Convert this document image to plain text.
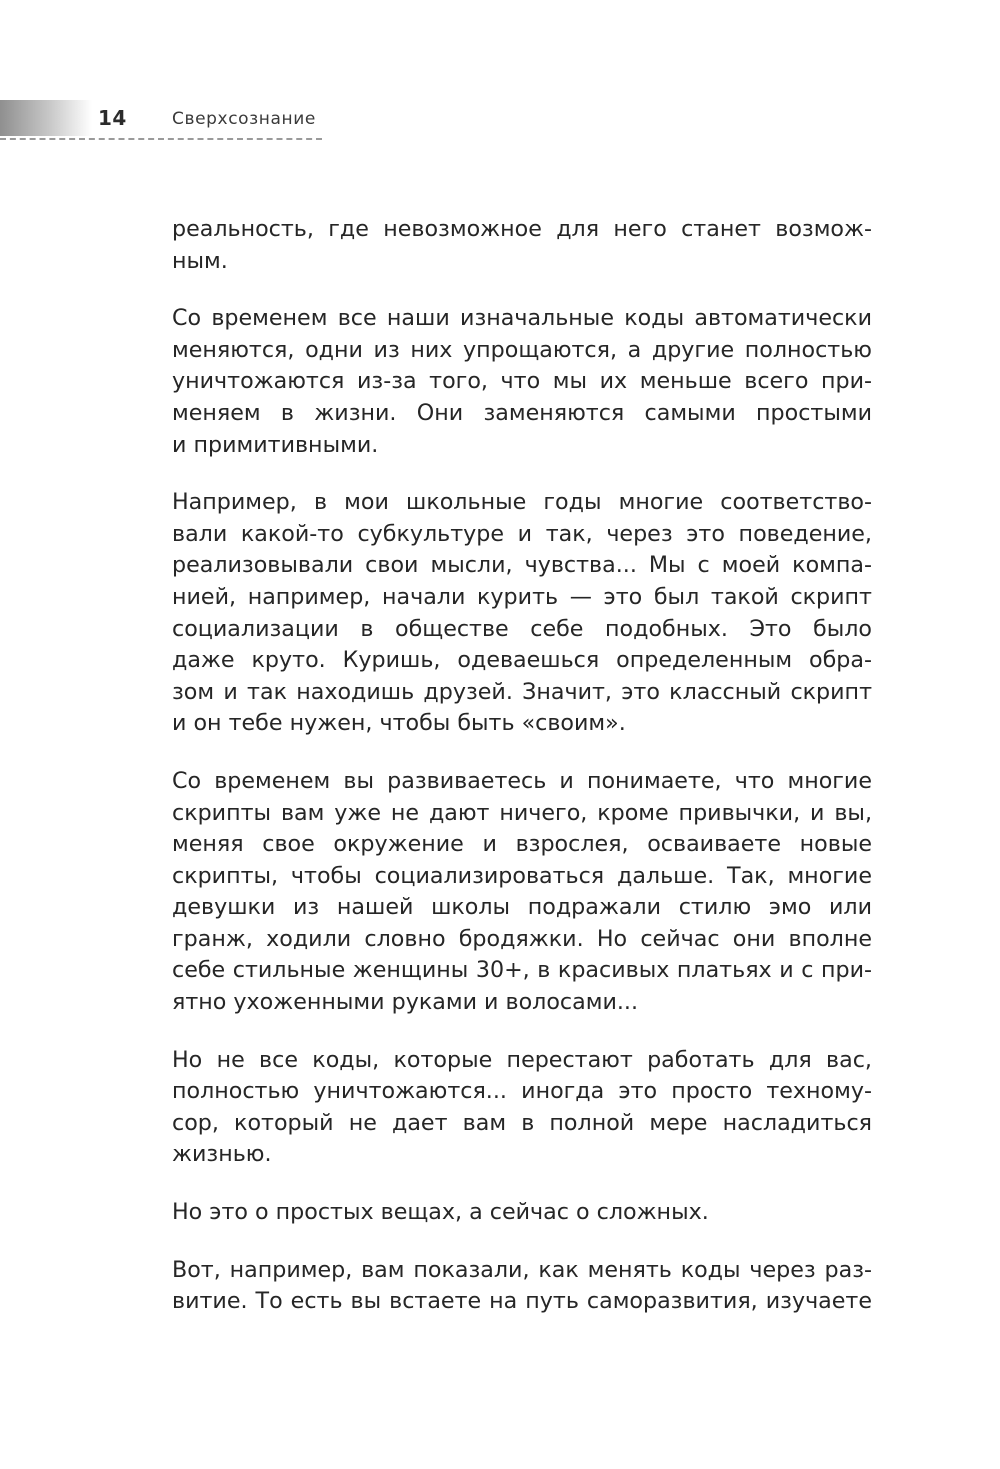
14	Сверхсознание

реальность, где невозможное для него станет возмож-
ным.

Со временем все наши изначальные коды автоматически
меняются, одни из них упрощаются, а другие полностью
уничтожаются из-за того, что мы их меньше всего при-
меняем в жизни. Они заменяются самыми простыми
и примитивными.

Например, в мои школьные годы многие соответство-
вали какой-то субкультуре и так, через это поведение,
реализовывали свои мысли, чувства... Мы с моей компа-
нией, например, начали курить — это был такой скрипт
социализации в обществе себе подобных. Это было
даже круто. Куришь, одеваешься определенным обра-
зом и так находишь друзей. Значит, это классный скрипт
и он тебе нужен, чтобы быть «своим».

Со временем вы развиваетесь и понимаете, что многие
скрипты вам уже не дают ничего, кроме привычки, и вы,
меняя свое окружение и взрослея, осваиваете новые
скрипты, чтобы социализироваться дальше. Так, многие
девушки из нашей школы подражали стилю эмо или
гранж, ходили словно бродяжки. Но сейчас они вполне
себе стильные женщины 30+, в красивых платьях и с при-
ятно ухоженными руками и волосами...

Но не все коды, которые перестают работать для вас,
полностью уничтожаются... иногда это просто техному-
сор, который не дает вам в полной мере насладиться
жизнью.

Но это о простых вещах, а сейчас о сложных.

Вот, например, вам показали, как менять коды через раз-
витие. То есть вы встаете на путь саморазвития, изучаете
